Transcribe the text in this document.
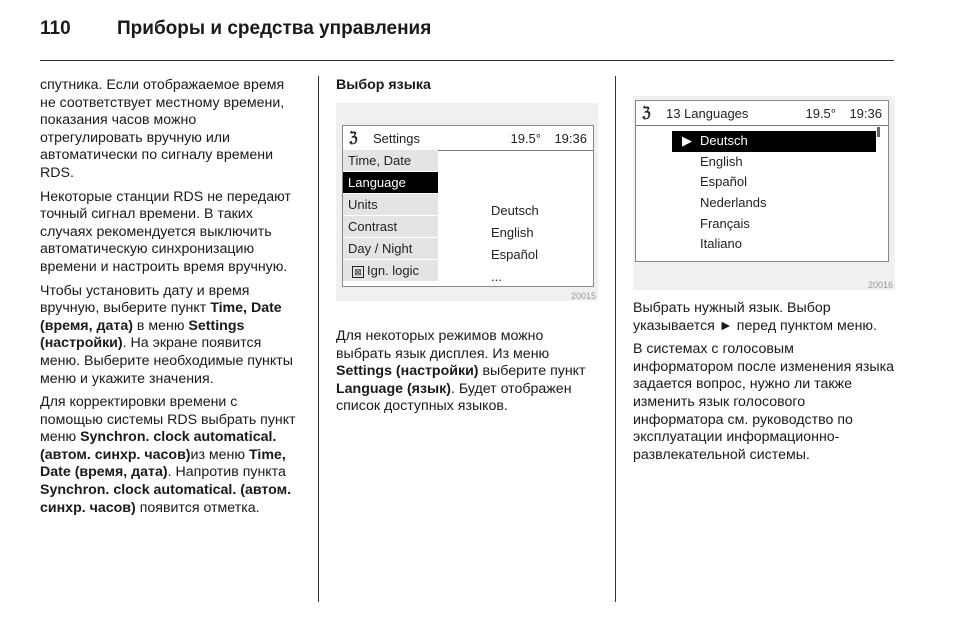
110	Приборы и средства управления

спутника. Если отображаемое время не соответствует местному времени, показания часов можно отрегулировать вручную или автоматически по сигналу времени RDS.

Некоторые станции RDS не передают точный сигнал времени. В таких случаях рекомендуется выключить автоматическую синхронизацию времени и настроить время вручную.

Чтобы установить дату и время вручную, выберите пункт Time, Date (время, дата) в меню Settings (настройки). На экране появится меню. Выберите необходимые пункты меню и укажите значения.

Для корректировки времени с помощью системы RDS выбрать пункт меню Synchron. clock automatical. (автом. синхр. часов)из меню Time, Date (время, дата). Напротив пункта Synchron. clock automatical. (автом. синхр. часов) появится отметка.

Выбор языка

ℨ Settings	19.5° 19:36
Time, Date
Language
Units
Contrast
Day / Night
⊠ Ign. logic
Deutsch
English
Español
...
20015

Для некоторых режимов можно выбрать язык дисплея. Из меню Settings (настройки) выберите пункт Language (язык). Будет отображен список доступных языков.

ℨ 13 Languages	19.5° 19:36
▶ Deutsch
English
Español
Nederlands
Français
Italiano
20016

Выбрать нужный язык. Выбор указывается ► перед пунктом меню.

В системах с голосовым информатором после изменения языка задается вопрос, нужно ли также изменить язык голосового информатора см. руководство по эксплуатации информационно-развлекательной системы.
